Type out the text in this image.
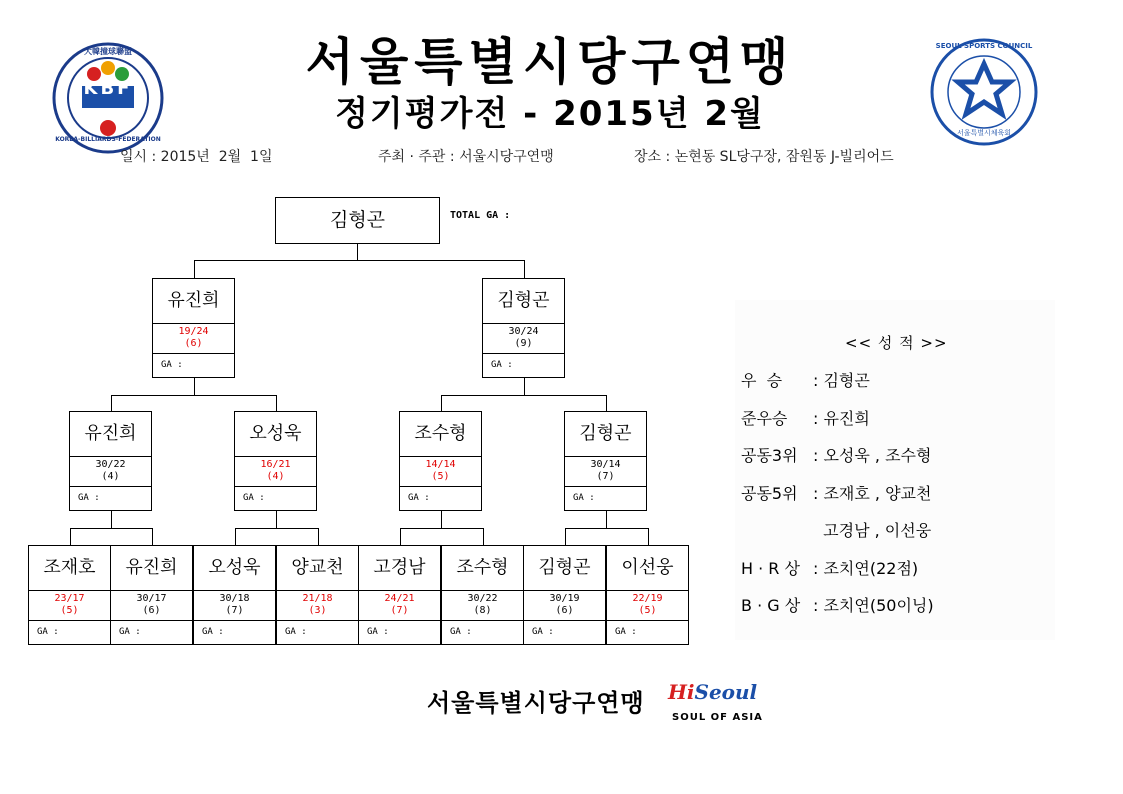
KBF
大韓撞球聯盟
KOREA-BILLIARDS-FEDERATION
SEOUL SPORTS COUNCIL
서울특별시체육회
서울특별시당구연맹
정기평가전 - 2015년 2월
일시 : 2015년  2월  1일	주최 · 주관 : 서울시당구연맹	장소 : 논현동 SL당구장, 잠원동 J-빌리어드
김형곤	TOTAL GA :
조재호
23/17
(5)
GA :
유진희
30/17
(6)
GA :
오성욱
30/18
(7)
GA :
양교천
21/18
(3)
GA :
고경남
24/21
(7)
GA :
조수형
30/22
(8)
GA :
김형곤
30/19
(6)
GA :
이선웅
22/19
(5)
GA :
유진희
30/22
(4)
GA :
오성욱
16/21
(4)
GA :
조수형
14/14
(5)
GA :
김형곤
30/14
(7)
GA :
유진희
19/24
(6)
GA :
김형곤
30/24
(9)
GA :
<< 성 적 >>
우  승 : 김형곤
준우승 : 유진희
공동3위 : 오성욱 , 조수형
공동5위 : 조재호 , 양교천
고경남 , 이선웅
H · R 상 : 조치연(22점)
B · G 상 : 조치연(50이닝)
서울특별시당구연맹 HiSeoul
SOUL OF ASIA
